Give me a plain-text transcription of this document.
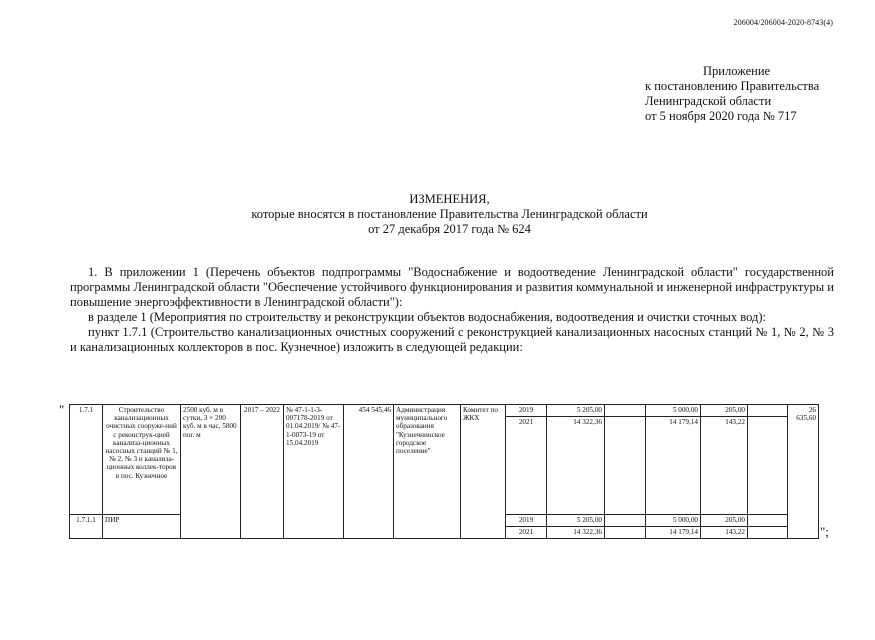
206004/206004-2020-8743(4)
Приложение
к постановлению Правительства
Ленинградской области
от 5 ноября 2020 года № 717
ИЗМЕНЕНИЯ,
которые вносятся в постановление Правительства Ленинградской области
от 27 декабря 2017 года № 624

1. В приложении 1 (Перечень объектов подпрограммы "Водоснабжение и водоотведение Ленинградской области" государственной программы Ленинградской области "Обеспечение устойчивого функционирования и развития коммунальной и инженерной инфраструктуры и повышение энергоэффективности в Ленинградской области"):

в разделе 1 (Мероприятия по строительству и реконструкции объектов водоснабжения, водоотведения и очистки сточных вод):

пункт 1.7.1 (Строительство канализационных очистных сооружений с реконструкцией канализационных насосных станций № 1, № 2, № 3 и канализационных коллекторов в пос. Кузнечное) изложить в следующей редакции:

" 1.7.1	Строительство канализационных очистных сооруже-ний с реконструк-цией канализа-ционных насосных станций № 1, № 2, № 3 и канализа-ционных коллек-торов в пос. Кузнечное	2500 куб. м в сутки, 3 × 200 куб. м в час, 5800 пог. м	2017 – 2022	№ 47-1-1-3-007178-2019 от 01.04.2019/ № 47-1-0073-19 от 15.04.2019	454 545,46	Администрация муниципального образования "Кузнечнинское городское поселение"	Комитет по ЖКХ	2019	5 205,00		5 000,00	205,00		26 635,60
								2021	14 322,36		14 179,14	143,22		
1.7.1.1	ПИР							2019	5 205,00		5 000,00	205,00		
								2021	14 322,36		14 179,14	143,22			";
